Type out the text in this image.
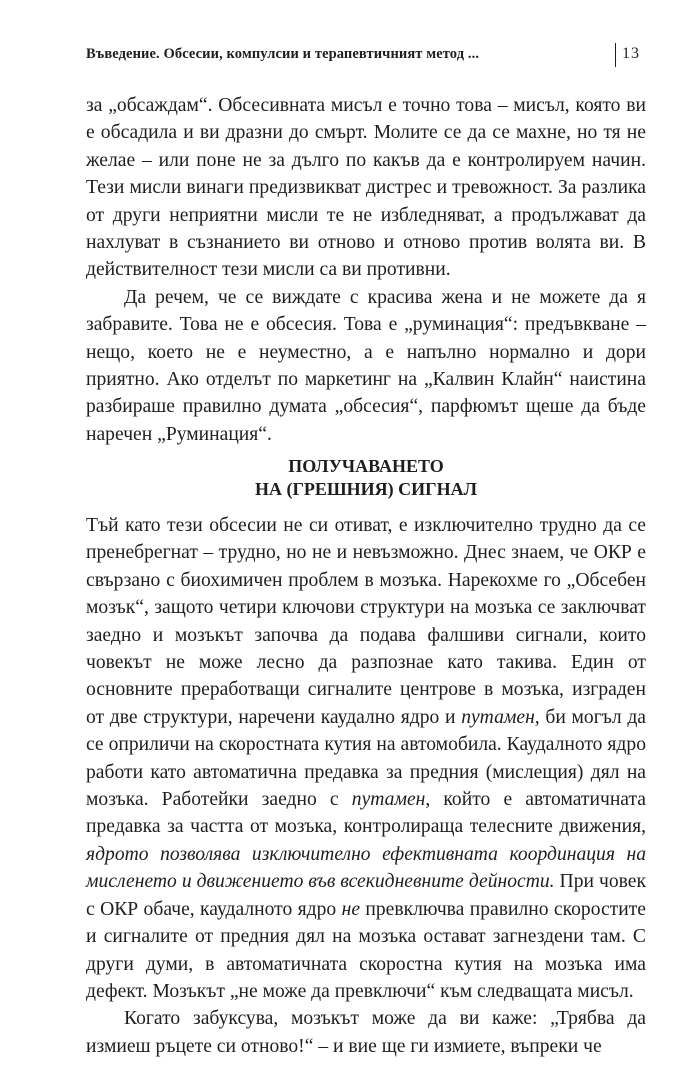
Въведение. Обсесии, компулсии и терапевтичният метод ...	13

за „обсаждам“. Обсесивната мисъл е точно това – мисъл, която ви е обсадила и ви дразни до смърт. Молите се да се махне, но тя не желае – или поне не за дълго по какъв да е контролируем начин. Тези мисли винаги предизвикват дистрес и тревожност. За разлика от други неприятни мисли те не избледняват, а продължават да нахлуват в съзнанието ви отново и отново против волята ви. В действителност тези мисли са ви противни.

Да речем, че се виждате с красива жена и не можете да я забравите. Това не е обсесия. Това е „руминация“: предъвкване – нещо, което не е неуместно, а е напълно нормално и дори приятно. Ако отделът по маркетинг на „Калвин Клайн“ наистина разбираше правилно думата „обсесия“, парфюмът щеше да бъде наречен „Руминация“.

ПОЛУЧАВАНЕТО
НА (ГРЕШНИЯ) СИГНАЛ

Тъй като тези обсесии не си отиват, е изключително трудно да се пренебрегнат – трудно, но не и невъзможно. Днес знаем, че ОКР е свързано с биохимичен проблем в мозъка. Нарекохме го „Обсебен мозък“, защото четири ключови структури на мозъка се заключват заедно и мозъкът започва да подава фалшиви сигнали, които човекът не може лесно да разпознае като такива. Един от основните преработващи сигналите центрове в мозъка, изграден от две структури, наречени каудално ядро и путамен, би могъл да се оприличи на скоростната кутия на автомобила. Каудалното ядро работи като автоматична предавка за предния (мислещия) дял на мозъка. Работейки заедно с путамен, който е автоматичната предавка за частта от мозъка, контролираща телесните движения, ядрото позволява изключително ефективната координация на мисленето и движението във всекидневните дейности. При човек с ОКР обаче, каудалното ядро не превключва правилно скоростите и сигналите от предния дял на мозъка остават загнездени там. С други думи, в автоматичната скоростна кутия на мозъка има дефект. Мозъкът „не може да превключи“ към следващата мисъл.

Когато забуксува, мозъкът може да ви каже: „Трябва да измиеш ръцете си отново!“ – и вие ще ги измиете, въпреки че
